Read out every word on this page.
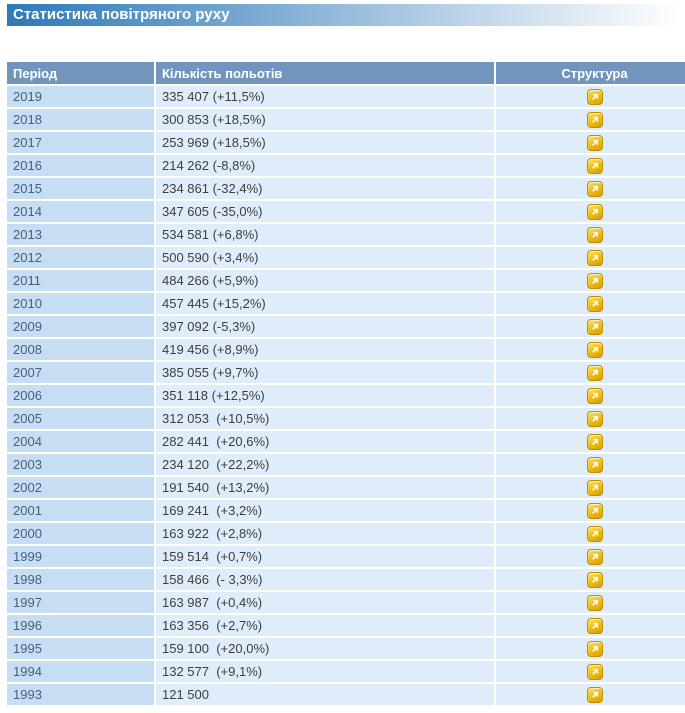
Статистика повітряного руху
Період	Кількість польотів	Структура
2019	335 407 (+11,5%)	

2018	300 853 (+18,5%)	

2017	253 969 (+18,5%)	

2016	214 262 (-8,8%)	

2015	234 861 (-32,4%)	

2014	347 605 (-35,0%)	

2013	534 581 (+6,8%)	

2012	500 590 (+3,4%)	

2011	484 266 (+5,9%)	

2010	457 445 (+15,2%)	

2009	397 092 (-5,3%)	

2008	419 456 (+8,9%)	

2007	385 055 (+9,7%)	

2006	351 118 (+12,5%)	

2005	312 053  (+10,5%)	

2004	282 441  (+20,6%)	

2003	234 120  (+22,2%)	

2002	191 540  (+13,2%)	

2001	169 241  (+3,2%)	

2000	163 922  (+2,8%)	

1999	159 514  (+0,7%)	

1998	158 466  (- 3,3%)	

1997	163 987  (+0,4%)	

1996	163 356  (+2,7%)	

1995	159 100  (+20,0%)	

1994	132 577  (+9,1%)	

1993	121 500	
